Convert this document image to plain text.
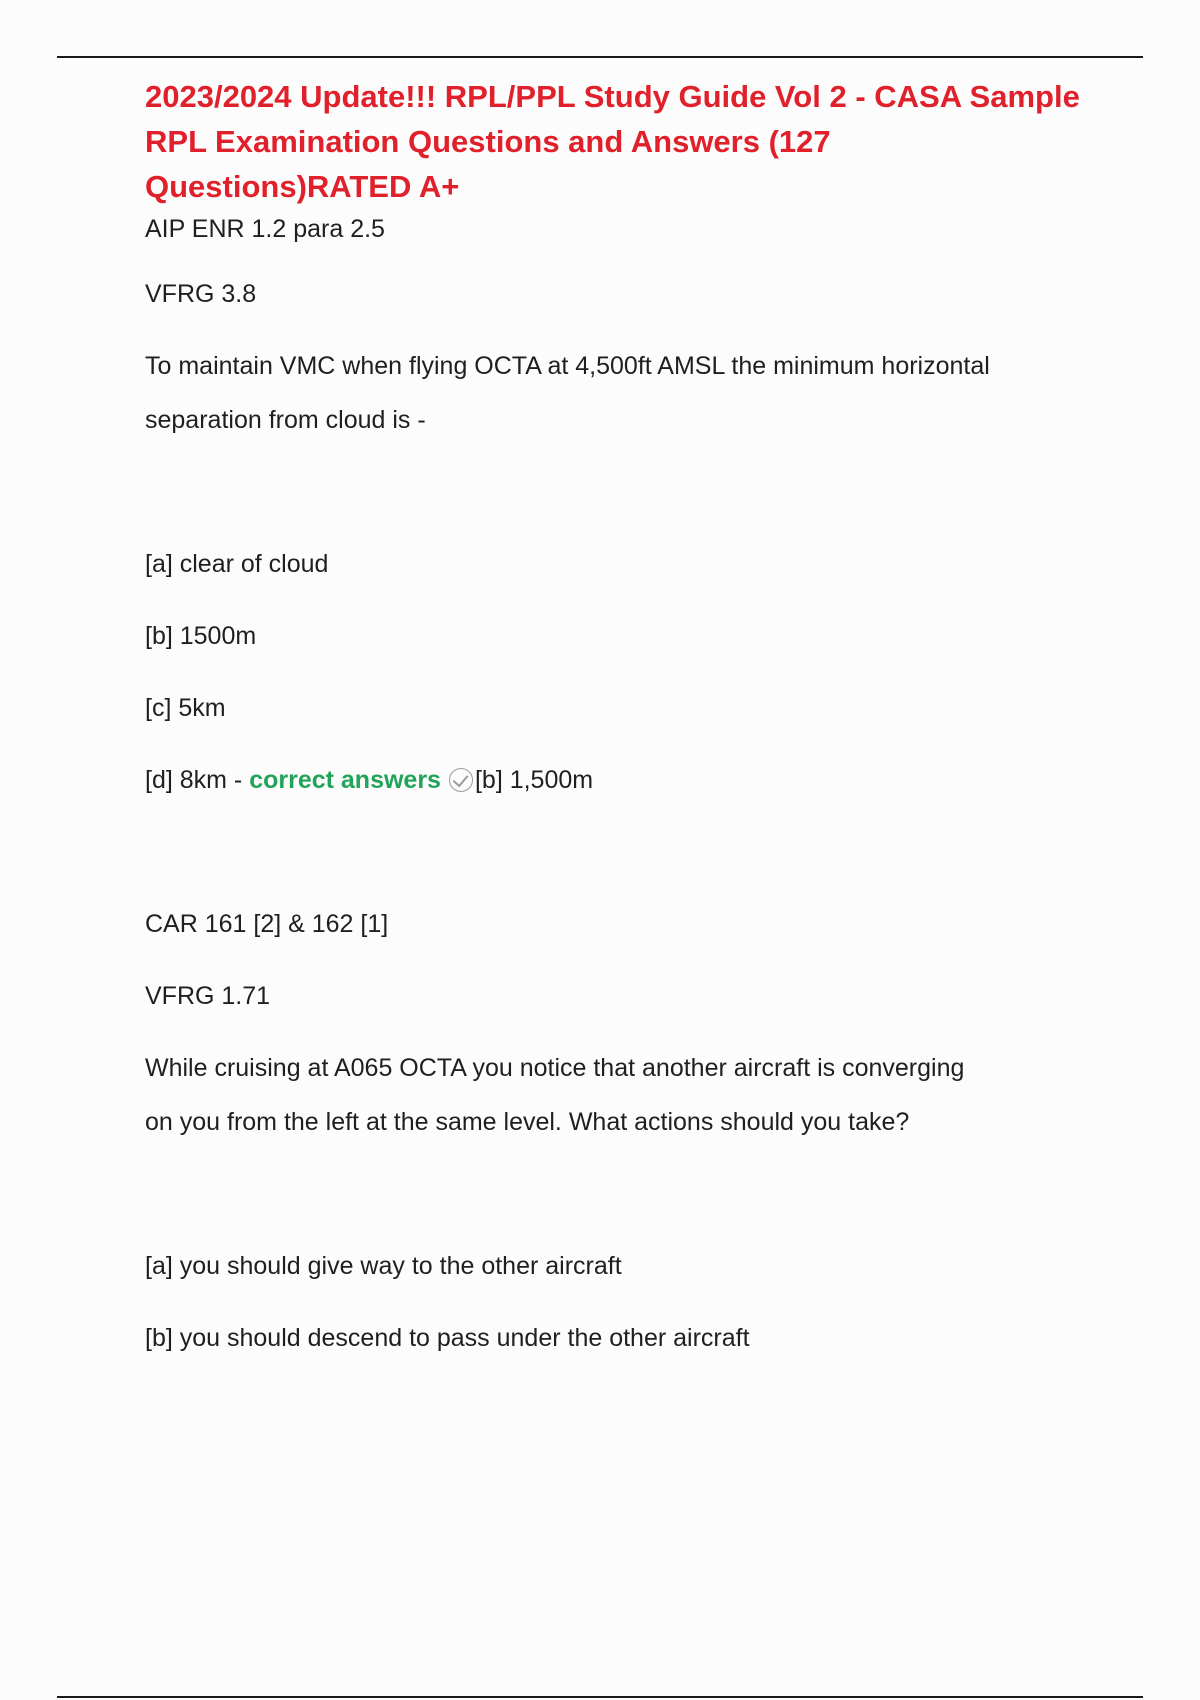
2023/2024 Update!!! RPL/PPL Study Guide Vol 2 - CASA Sample RPL Examination Questions and Answers (127 Questions)RATED A+

AIP ENR 1.2 para 2.5

VFRG 3.8

To maintain VMC when flying OCTA at 4,500ft AMSL the minimum horizontal

separation from cloud is -

[a] clear of cloud

[b] 1500m

[c] 5km

[d] 8km - correct answers [b] 1,500m

CAR 161 [2] & 162 [1]

VFRG 1.71

While cruising at A065 OCTA you notice that another aircraft is converging

on you from the left at the same level. What actions should you take?

[a] you should give way to the other aircraft

[b] you should descend to pass under the other aircraft
